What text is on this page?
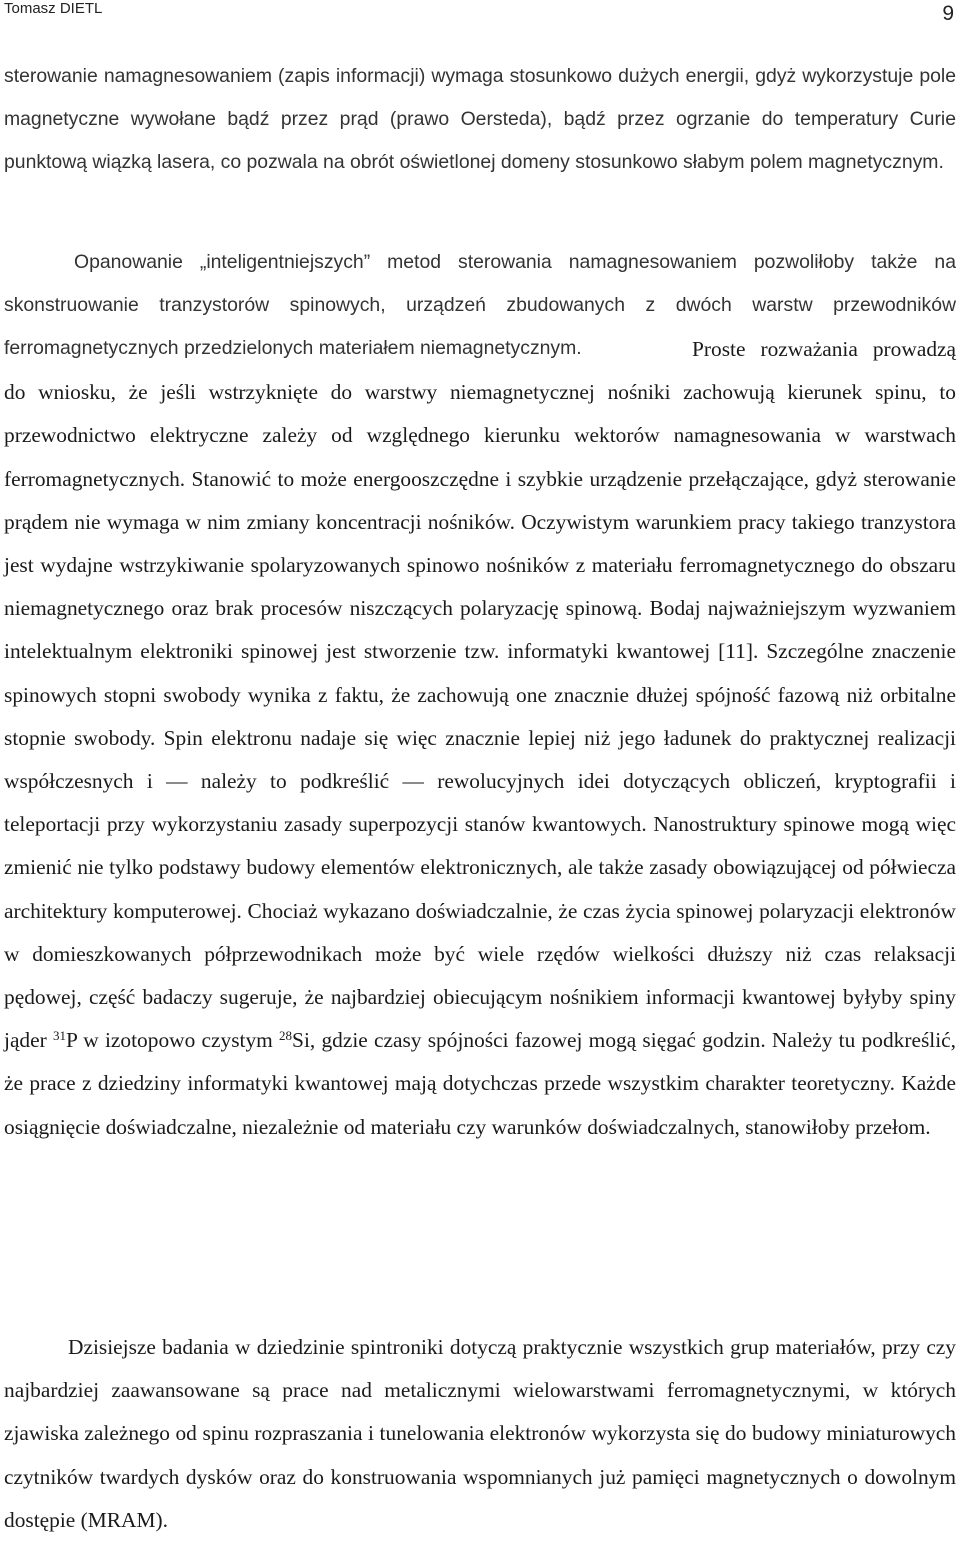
Tomasz DIETL	9

sterowanie namagnesowaniem (zapis informacji) wymaga stosunkowo dużych energii, gdyż wykorzystuje pole magnetyczne wywołane bądź przez prąd (prawo Oersteda), bądź przez ogrzanie do temperatury Curie punktową wiązką lasera, co pozwala na obrót oświetlonej domeny stosunkowo słabym polem magnetycznym.

Opanowanie „inteligentniejszych” metod sterowania namagnesowaniem pozwoliłoby także na skonstruowanie tranzystorów spinowych, urządzeń zbudowanych z dwóch warstw przewodników ferromagnetycznych przedzielonych materiałem niemagnetycznym.	Proste rozważania prowadzą do wniosku, że jeśli wstrzyknięte do warstwy niemagnetycznej nośniki zachowują kierunek spinu, to przewodnictwo elektryczne zależy od względnego kierunku wektorów namagnesowania w warstwach ferromagnetycznych. Stanowić to może energooszczędne i szybkie urządzenie przełączające, gdyż sterowanie prądem nie wymaga w nim zmiany koncentracji nośników. Oczywistym warunkiem pracy takiego tranzystora jest wydajne wstrzykiwanie spolaryzowanych spinowo nośników z materiału ferromagnetycznego do obszaru niemagnetycznego oraz brak procesów niszczących polaryzację spinową. Bodaj najważniejszym wyzwaniem intelektualnym elektroniki spinowej jest stworzenie tzw. informatyki kwantowej [11]. Szczególne znaczenie spinowych stopni swobody wynika z faktu, że zachowują one znacznie dłużej spójność fazową niż orbitalne stopnie swobody. Spin elektronu nadaje się więc znacznie lepiej niż jego ładunek do praktycznej realizacji współczesnych i — należy to podkreślić — rewolucyjnych idei dotyczących obliczeń, kryptografii i teleportacji przy wykorzystaniu zasady superpozycji stanów kwantowych. Nanostruktury spinowe mogą więc zmienić nie tylko podstawy budowy elementów elektronicznych, ale także zasady obowiązującej od półwiecza architektury komputerowej. Chociaż wykazano doświadczalnie, że czas życia spinowej polaryzacji elektronów w domieszkowanych półprzewodnikach może być wiele rzędów wielkości dłuższy niż czas relaksacji pędowej, część badaczy sugeruje, że najbardziej obiecującym nośnikiem informacji kwantowej byłyby spiny jąder $^{31}$P w izotopowo czystym $^{28}$Si, gdzie czasy spójności fazowej mogą sięgać godzin. Należy tu podkreślić, że prace z dziedziny informatyki kwantowej mają dotychczas przede wszystkim charakter teoretyczny. Każde osiągnięcie doświadczalne, niezależnie od materiału czy warunków doświadczalnych, stanowiłoby przełom.

Dzisiejsze badania w dziedzinie spintroniki dotyczą praktycznie wszystkich grup materiałów, przy czy najbardziej zaawansowane są prace nad metalicznymi wielowarstwami ferromagnetycznymi, w których zjawiska zależnego od spinu rozpraszania i tunelowania elektronów wykorzysta się do budowy miniaturowych czytników twardych dysków oraz do konstruowania wspomnianych już pamięci magnetycznych o dowolnym dostępie (MRAM).
